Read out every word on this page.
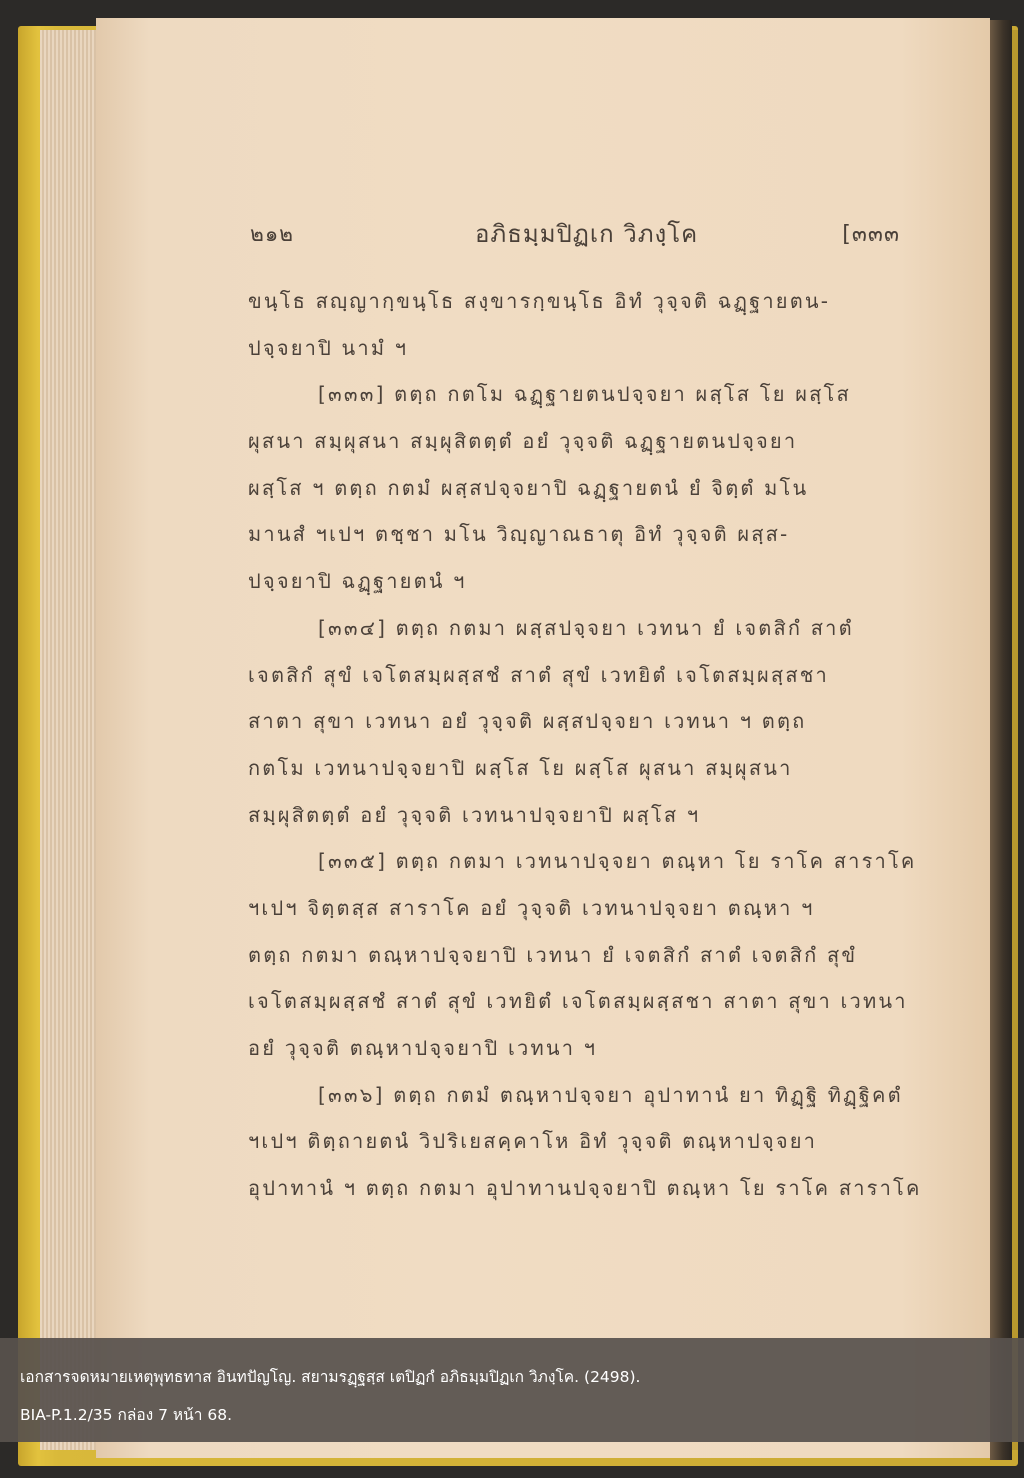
๒๑๒	อภิธมฺมปิฏเก วิภงฺโค	[๓๓๓
ขนฺโธ สญฺญากฺขนฺโธ สงฺขารกฺขนฺโธ อิทํ วุจฺจติ ฉฏฺฐายตน-
ปจฺจยาปิ นามํ ฯ
[๓๓๓] ตตฺถ กตโม ฉฏฺฐายตนปจฺจยา ผสฺโส โย ผสฺโส
ผุสนา สมฺผุสนา สมฺผุสิตตฺตํ อยํ วุจฺจติ ฉฏฺฐายตนปจฺจยา
ผสฺโส ฯ ตตฺถ กตมํ ผสฺสปจฺจยาปิ ฉฏฺฐายตนํ ยํ จิตฺตํ มโน
มานสํ ฯเปฯ ตชฺชา มโน วิญฺญาณธาตุ อิทํ วุจฺจติ ผสฺส-
ปจฺจยาปิ ฉฏฺฐายตนํ ฯ
[๓๓๔] ตตฺถ กตมา ผสฺสปจฺจยา เวทนา ยํ เจตสิกํ สาตํ
เจตสิกํ สุขํ เจโตสมฺผสฺสชํ สาตํ สุขํ เวทยิตํ เจโตสมฺผสฺสชา
สาตา สุขา เวทนา อยํ วุจฺจติ ผสฺสปจฺจยา เวทนา ฯ ตตฺถ
กตโม เวทนาปจฺจยาปิ ผสฺโส โย ผสฺโส ผุสนา สมฺผุสนา
สมฺผุสิตตฺตํ อยํ วุจฺจติ เวทนาปจฺจยาปิ ผสฺโส ฯ
[๓๓๕] ตตฺถ กตมา เวทนาปจฺจยา ตณฺหา โย ราโค สาราโค
ฯเปฯ จิตฺตสฺส สาราโค อยํ วุจฺจติ เวทนาปจฺจยา ตณฺหา ฯ
ตตฺถ กตมา ตณฺหาปจฺจยาปิ เวทนา ยํ เจตสิกํ สาตํ เจตสิกํ สุขํ
เจโตสมฺผสฺสชํ สาตํ สุขํ เวทยิตํ เจโตสมฺผสฺสชา สาตา สุขา เวทนา
อยํ วุจฺจติ ตณฺหาปจฺจยาปิ เวทนา ฯ
[๓๓๖] ตตฺถ กตมํ ตณฺหาปจฺจยา อุปาทานํ ยา ทิฏฺฐิ ทิฏฺฐิคตํ
ฯเปฯ ติตฺถายตนํ วิปริเยสคฺคาโห อิทํ วุจฺจติ ตณฺหาปจฺจยา
อุปาทานํ ฯ ตตฺถ กตมา อุปาทานปจฺจยาปิ ตณฺหา โย ราโค สาราโค
เอกสารจดหมายเหตุพุทธทาส อินทปัญโญ. สยามรฏฺฐสฺส เตปิฏกํ อภิธมฺมปิฏเก วิภงฺโค. (2498).
BIA-P.1.2/35 กล่อง 7 หน้า 68.
